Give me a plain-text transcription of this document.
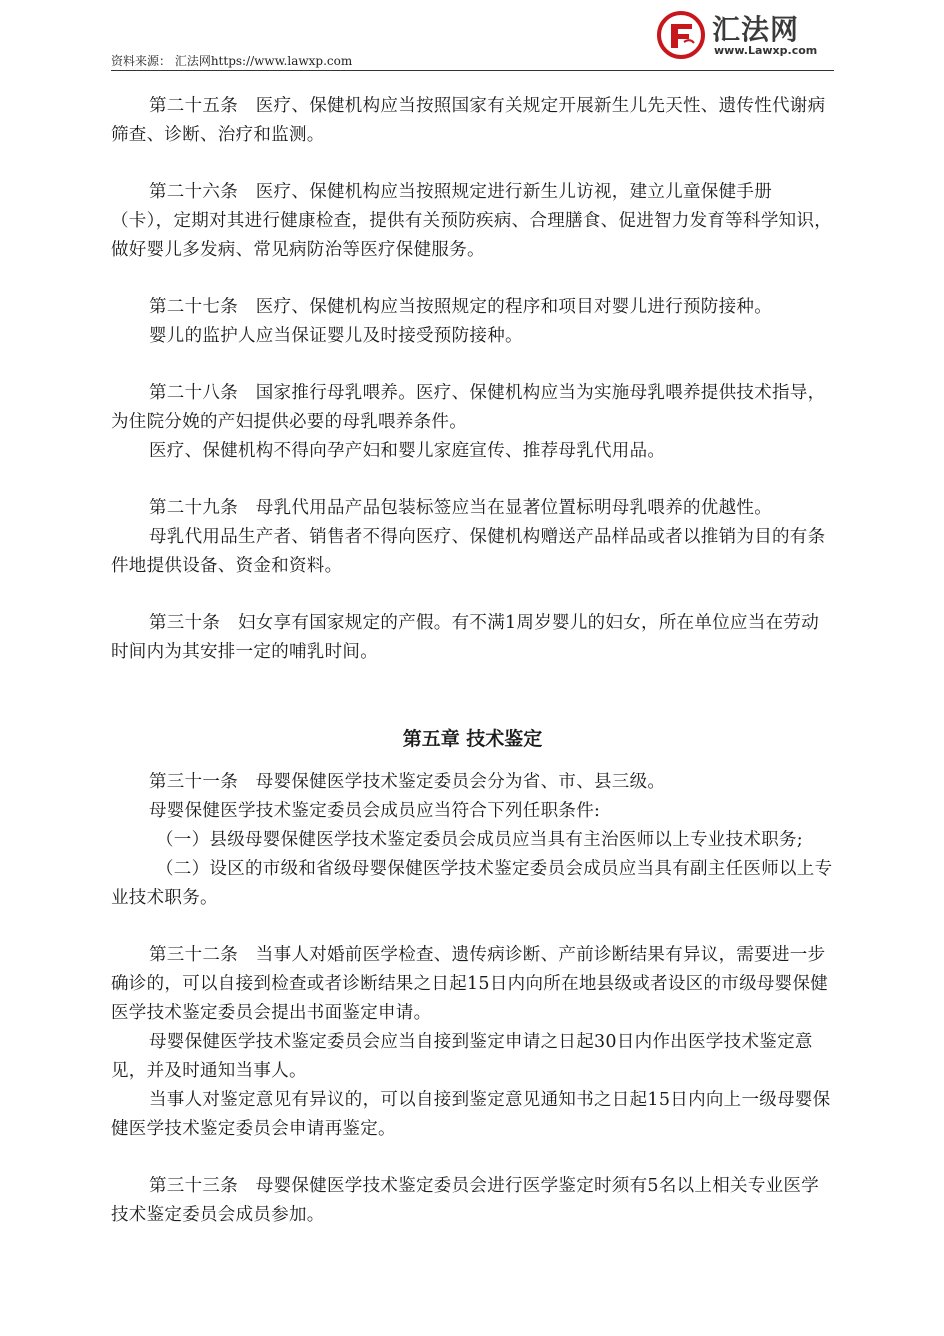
资料来源： 汇法网https://www.lawxp.com
汇法网
www.Lawxp.com

第二十五条　医疗、保健机构应当按照国家有关规定开展新生儿先天性、遗传性代谢病筛查、诊断、治疗和监测。

第二十六条　医疗、保健机构应当按照规定进行新生儿访视，建立儿童保健手册（卡），定期对其进行健康检查，提供有关预防疾病、合理膳食、促进智力发育等科学知识，做好婴儿多发病、常见病防治等医疗保健服务。

第二十七条　医疗、保健机构应当按照规定的程序和项目对婴儿进行预防接种。

婴儿的监护人应当保证婴儿及时接受预防接种。

第二十八条　国家推行母乳喂养。医疗、保健机构应当为实施母乳喂养提供技术指导，为住院分娩的产妇提供必要的母乳喂养条件。

医疗、保健机构不得向孕产妇和婴儿家庭宣传、推荐母乳代用品。

第二十九条　母乳代用品产品包装标签应当在显著位置标明母乳喂养的优越性。

母乳代用品生产者、销售者不得向医疗、保健机构赠送产品样品或者以推销为目的有条件地提供设备、资金和资料。

第三十条　妇女享有国家规定的产假。有不满1周岁婴儿的妇女，所在单位应当在劳动时间内为其安排一定的哺乳时间。

第五章 技术鉴定

第三十一条　母婴保健医学技术鉴定委员会分为省、市、县三级。

母婴保健医学技术鉴定委员会成员应当符合下列任职条件:

（一）县级母婴保健医学技术鉴定委员会成员应当具有主治医师以上专业技术职务;

（二）设区的市级和省级母婴保健医学技术鉴定委员会成员应当具有副主任医师以上专业技术职务。

第三十二条　当事人对婚前医学检查、遗传病诊断、产前诊断结果有异议，需要进一步确诊的，可以自接到检查或者诊断结果之日起15日内向所在地县级或者设区的市级母婴保健医学技术鉴定委员会提出书面鉴定申请。

母婴保健医学技术鉴定委员会应当自接到鉴定申请之日起30日内作出医学技术鉴定意见，并及时通知当事人。

当事人对鉴定意见有异议的，可以自接到鉴定意见通知书之日起15日内向上一级母婴保健医学技术鉴定委员会申请再鉴定。

第三十三条　母婴保健医学技术鉴定委员会进行医学鉴定时须有5名以上相关专业医学技术鉴定委员会成员参加。
